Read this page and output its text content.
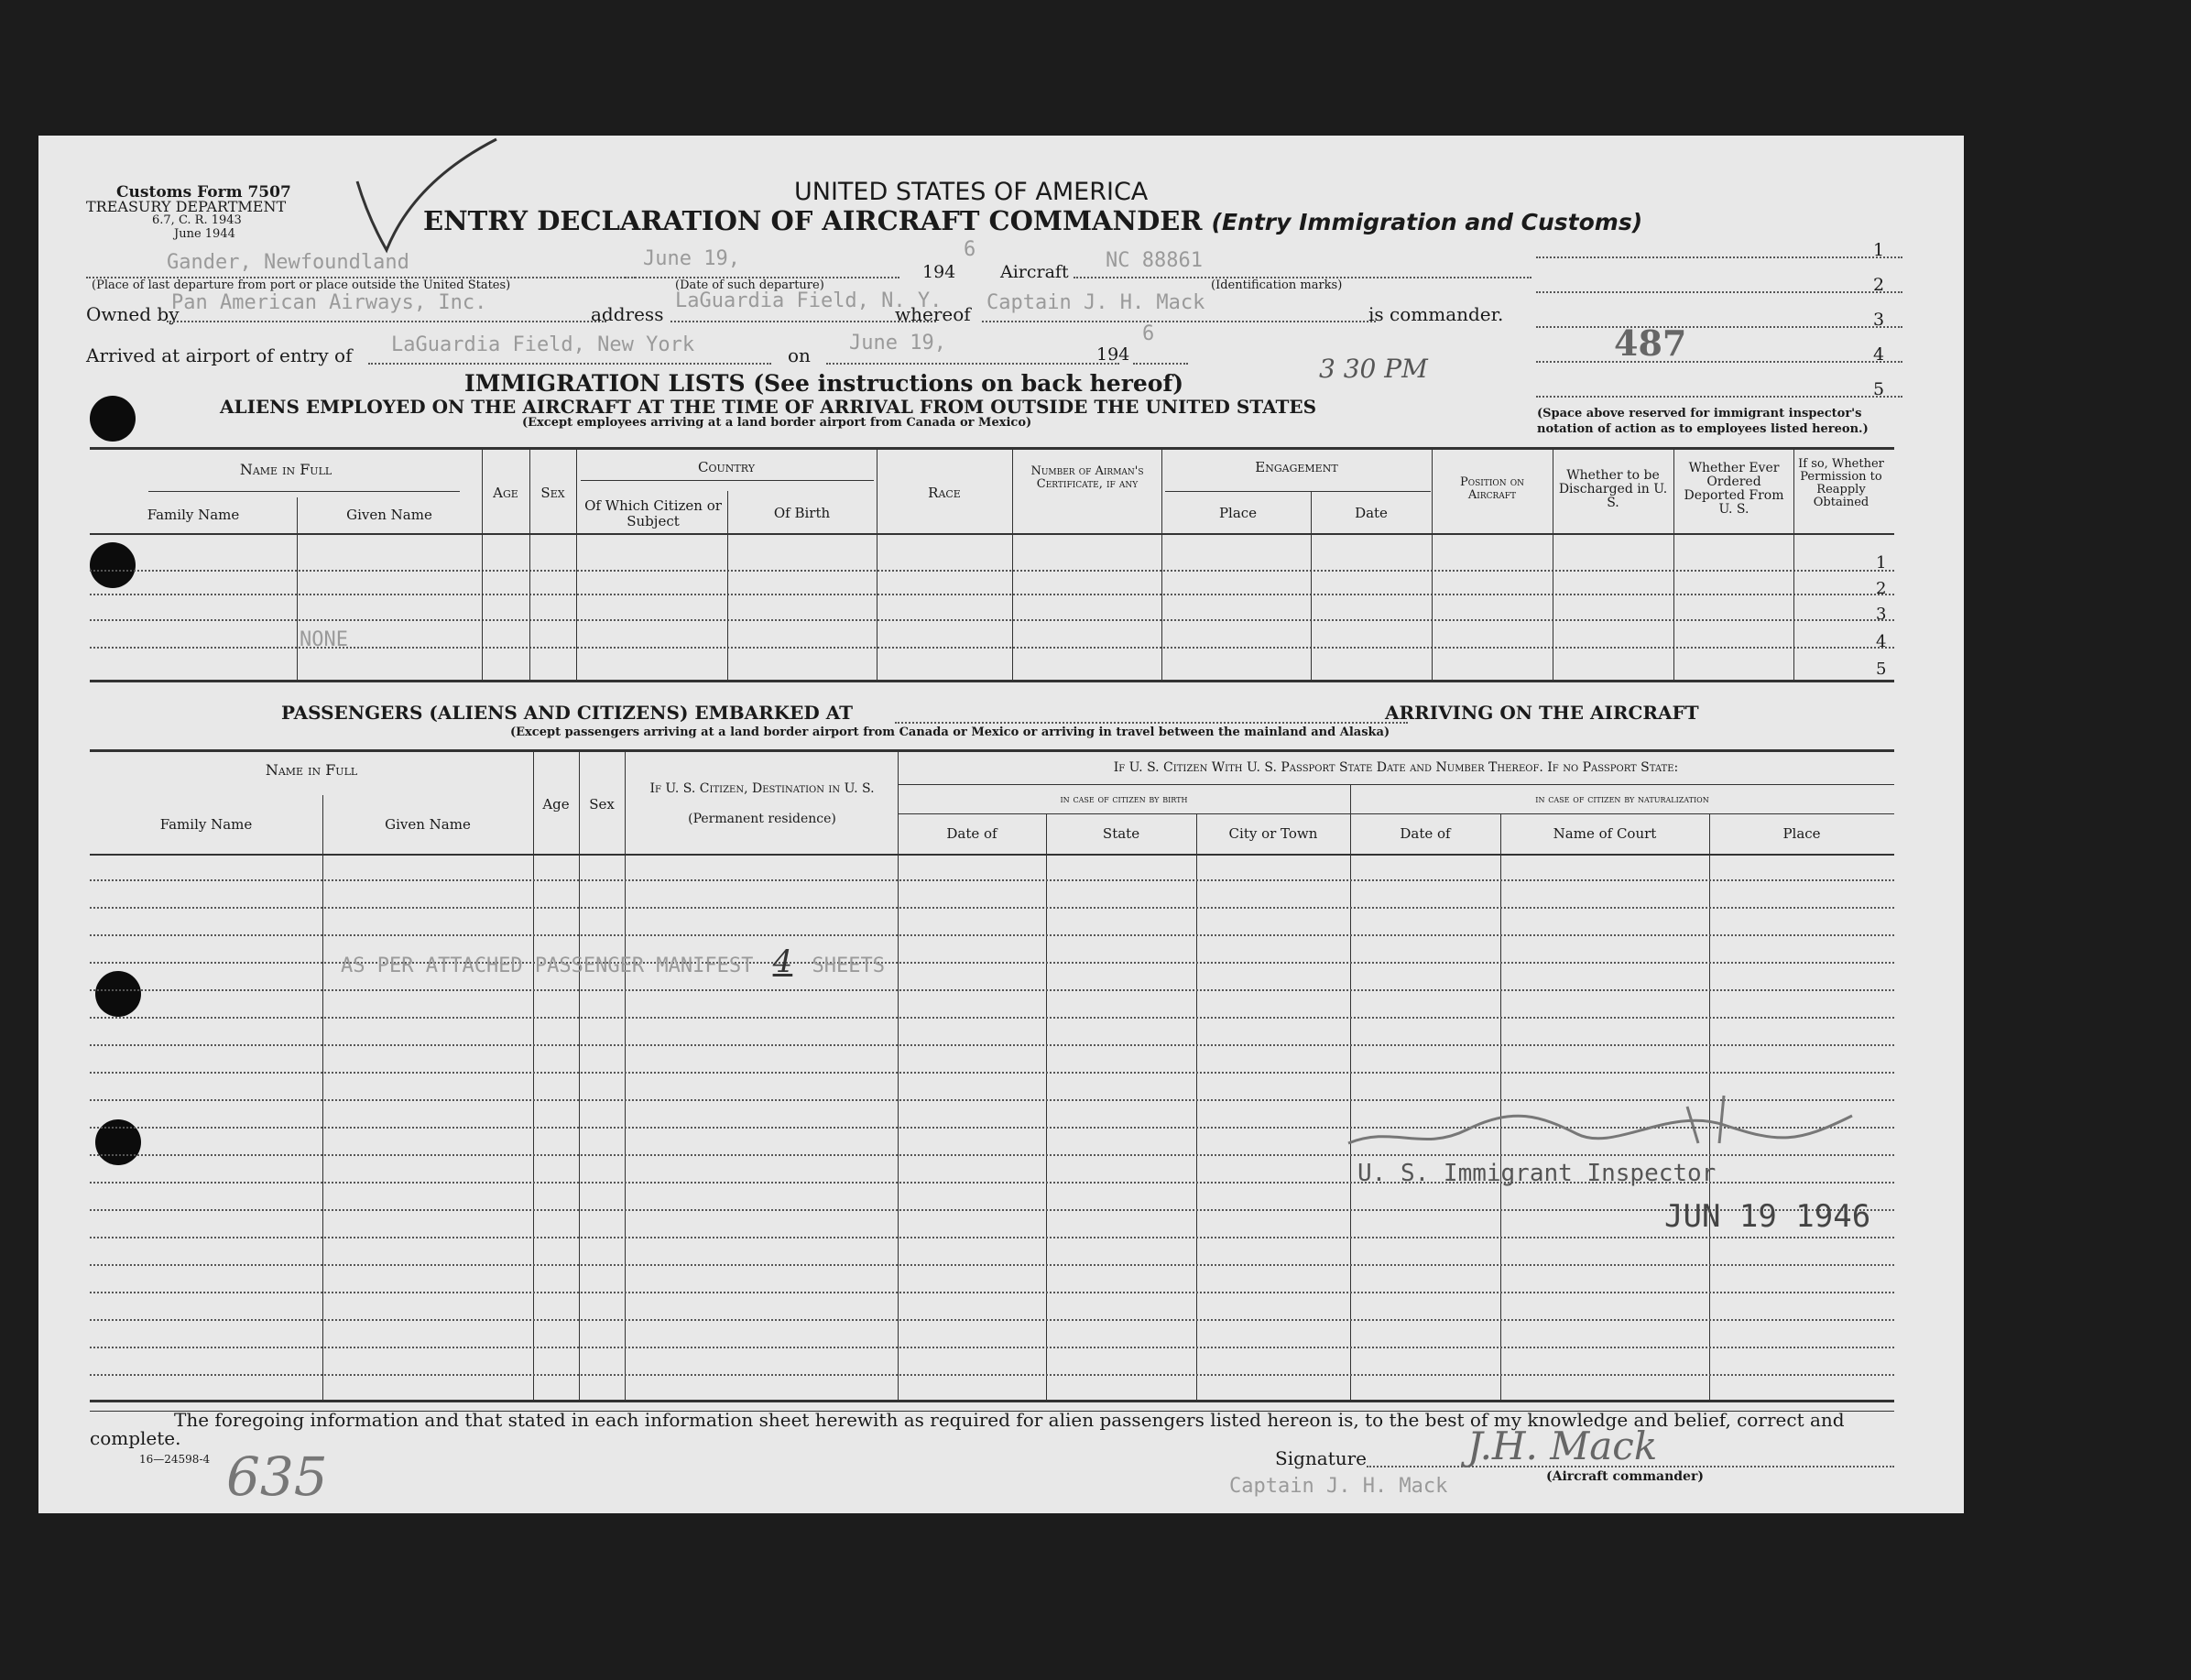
Customs Form 7507
TREASURY DEPARTMENT
6.7, C. R. 1943
June 1944
UNITED STATES OF AMERICA
ENTRY DECLARATION OF AIRCRAFT COMMANDER (Entry Immigration and Customs)
Gander, Newfoundland
(Place of last departure from port or place outside the United States)
June 19,
(Date of such departure)
194
6
Aircraft NC 88861
(Identification marks)
Owned by
Pan American Airways, Inc.	address
LaGuardia Field, N. Y.
whereof Captain J. H. Mack	is commander.
Arrived at airport of entry of LaGuardia Field, New York	on
June 19,	194
6
3 30 PM
1
2
3
4
5
487
(Space above reserved for immigrant inspector's
notation of action as to employees listed hereon.)
IMMIGRATION LISTS (See instructions on back hereof)
ALIENS EMPLOYED ON THE AIRCRAFT AT THE TIME OF ARRIVAL FROM OUTSIDE THE UNITED STATES
(Except employees arriving at a land border airport from Canada or Mexico)
Name in Full
Family Name	Given Name
Age	Sex
Country
Of Which Citizen or Subject	Of Birth
Race
Number of Airman's Certificate, if any
Engagement
Place	Date
Position on Aircraft
Whether to be Discharged in U. S.
Whether Ever Ordered Deported From U. S.
If so, Whether Permission to Reapply Obtained
1
2
3
4
5
NONE
PASSENGERS (ALIENS AND CITIZENS) EMBARKED AT	ARRIVING ON THE AIRCRAFT
(Except passengers arriving at a land border airport from Canada or Mexico or arriving in travel between the mainland and Alaska)
Name in Full
Family Name	Given Name
Age	Sex
If U. S. Citizen, Destination in U. S.
(Permanent residence)
If U. S. Citizen With U. S. Passport State Date and Number Thereof. If no Passport State:
in case of citizen by birth	in case of citizen by naturalization
Date of	State	City or Town	Date of	Name of Court	Place
AS PER ATTACHED PASSENGER MANIFEST 4 SHEETS
U. S. Immigrant Inspector
JUN 19 1946
The foregoing information and that stated in each information sheet herewith as required for alien passengers listed hereon is, to the best of my knowledge and belief, correct and
complete.
16—24598-4 635	Signature	J.H. Mack
(Aircraft commander)
Captain J. H. Mack
